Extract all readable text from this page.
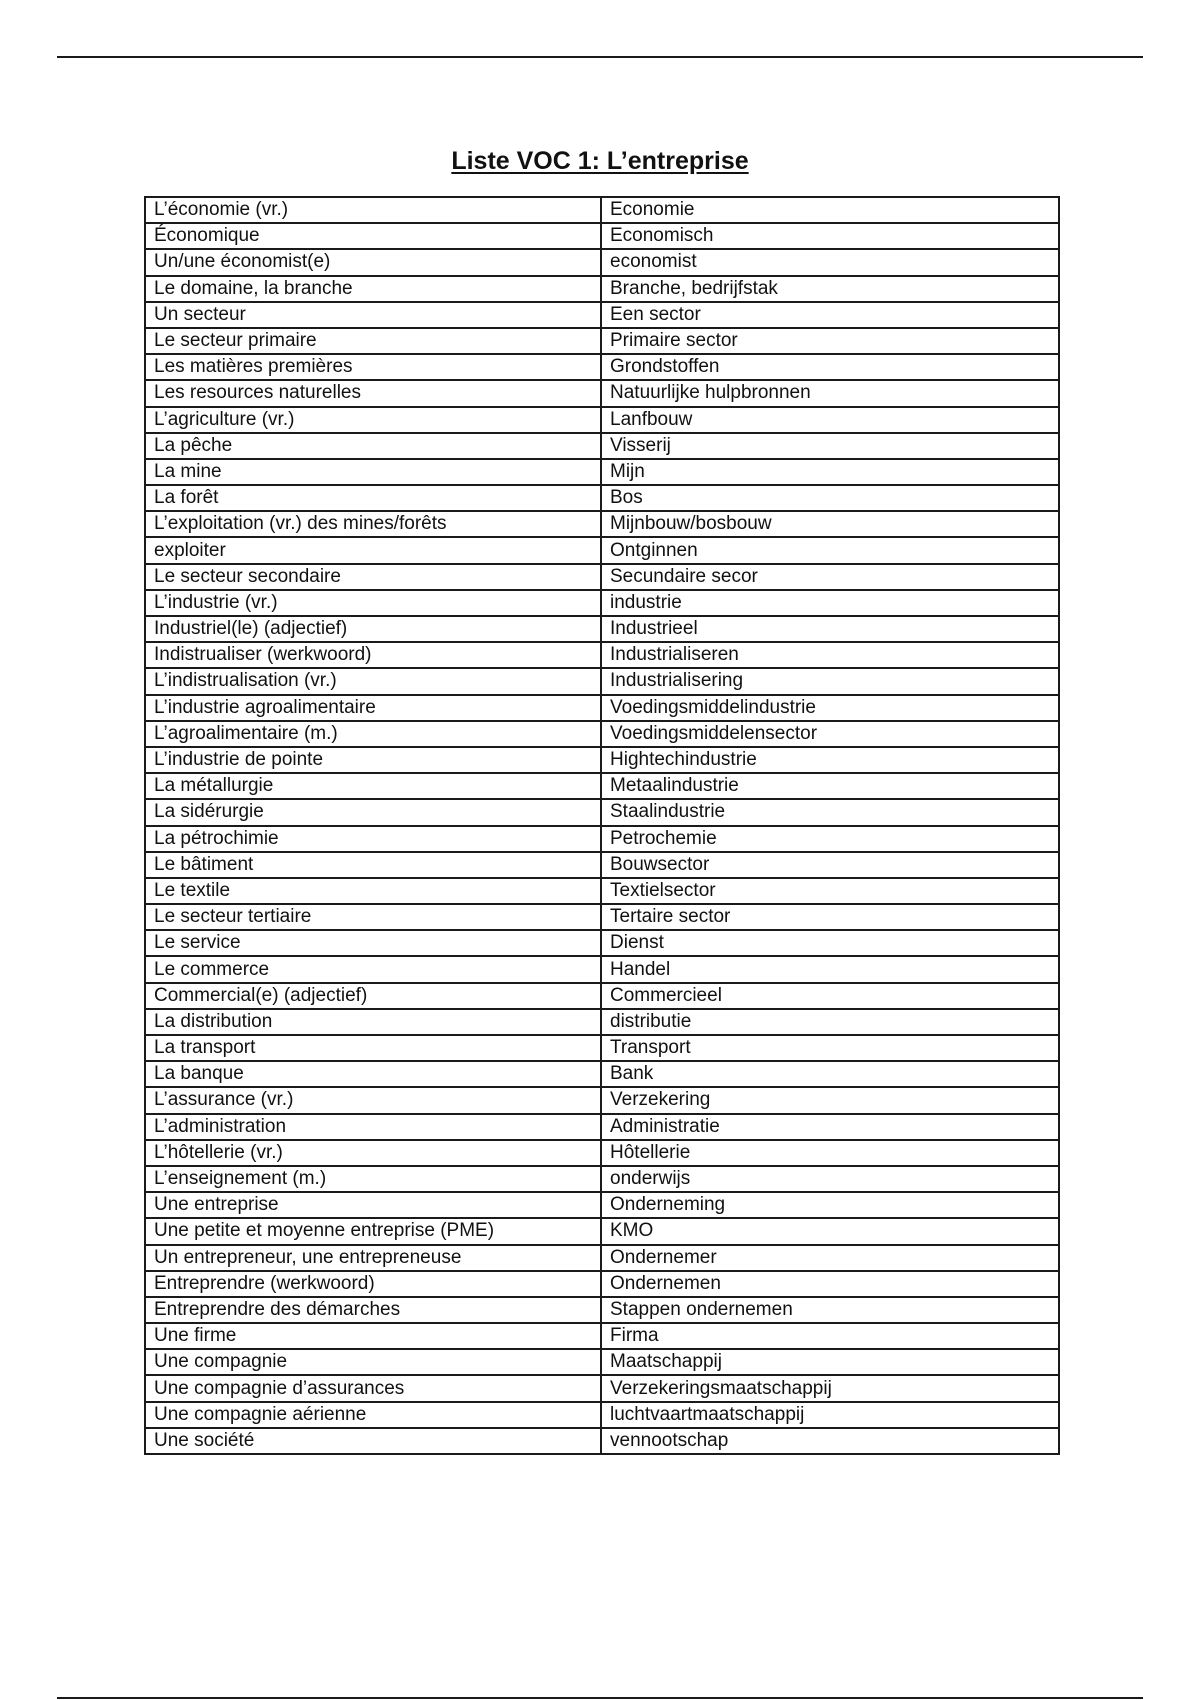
Liste VOC 1: L’entreprise
L’économie (vr.)	Economie
Économique	Economisch
Un/une économist(e)	economist
Le domaine, la branche	Branche, bedrijfstak
Un secteur	Een sector
Le secteur primaire	Primaire sector
Les matières premières	Grondstoffen
Les resources naturelles	Natuurlijke hulpbronnen
L’agriculture (vr.)	Lanfbouw
La pêche	Visserij
La mine	Mijn
La forêt	Bos
L’exploitation (vr.) des mines/forêts	Mijnbouw/bosbouw
exploiter	Ontginnen
Le secteur secondaire	Secundaire secor
L’industrie (vr.)	industrie
Industriel(le) (adjectief)	Industrieel
Indistrualiser (werkwoord)	Industrialiseren
L’indistrualisation (vr.)	Industrialisering
L’industrie agroalimentaire	Voedingsmiddelindustrie
L’agroalimentaire (m.)	Voedingsmiddelensector
L’industrie de pointe	Hightechindustrie
La métallurgie	Metaalindustrie
La sidérurgie	Staalindustrie
La pétrochimie	Petrochemie
Le bâtiment	Bouwsector
Le textile	Textielsector
Le secteur tertiaire	Tertaire sector
Le service	Dienst
Le commerce	Handel
Commercial(e) (adjectief)	Commercieel
La distribution	distributie
La transport	Transport
La banque	Bank
L’assurance (vr.)	Verzekering
L’administration	Administratie
L’hôtellerie (vr.)	Hôtellerie
L’enseignement (m.)	onderwijs
Une entreprise	Onderneming
Une petite et moyenne entreprise (PME)	KMO
Un entrepreneur, une entrepreneuse	Ondernemer
Entreprendre (werkwoord)	Ondernemen
Entreprendre des démarches	Stappen ondernemen
Une firme	Firma
Une compagnie	Maatschappij
Une compagnie d’assurances	Verzekeringsmaatschappij
Une compagnie aérienne	luchtvaartmaatschappij
Une société	vennootschap
